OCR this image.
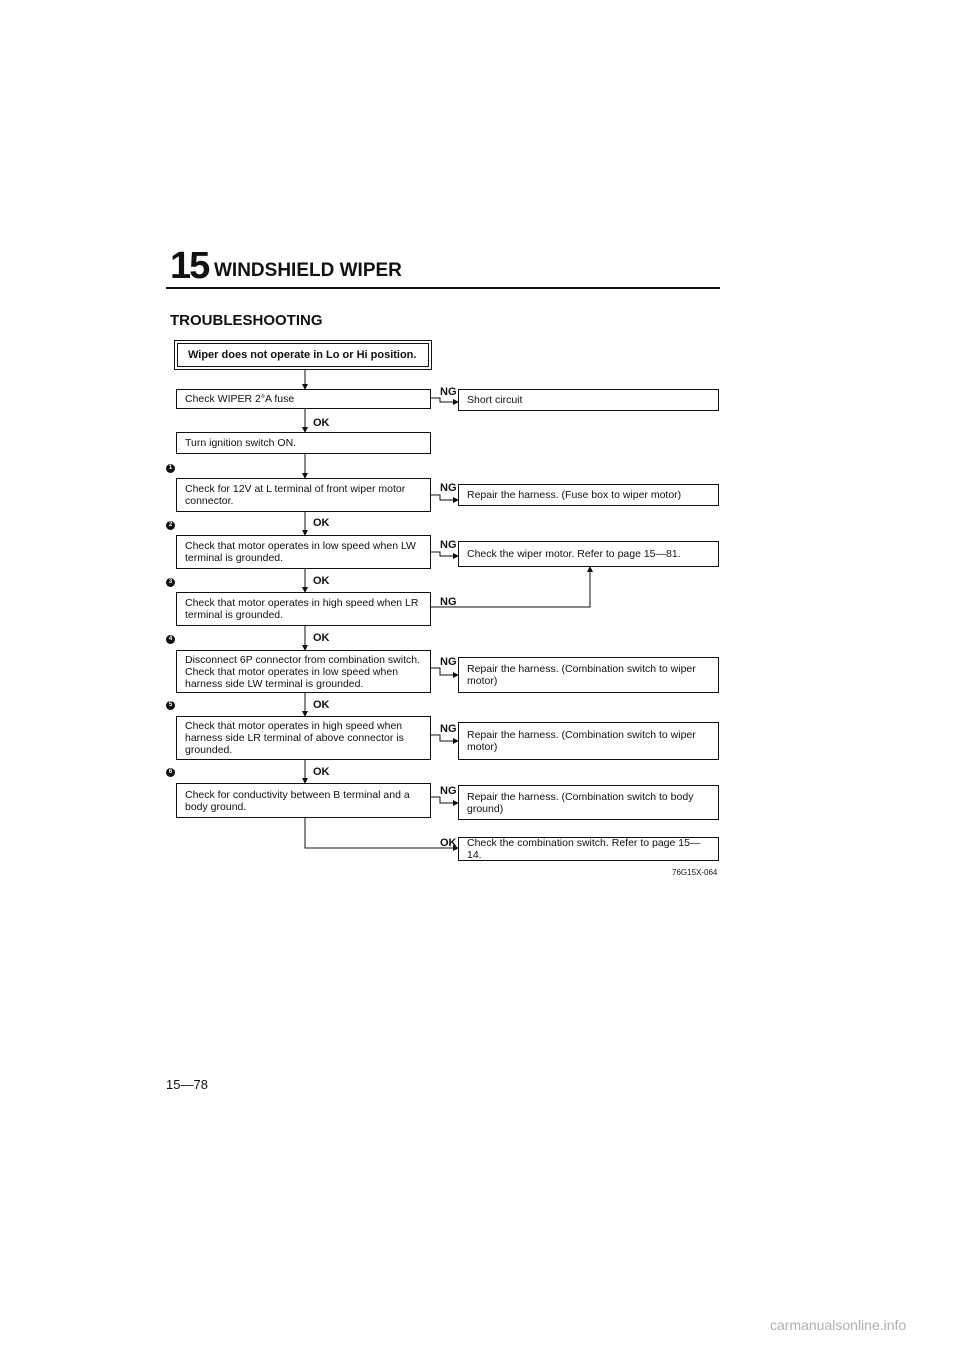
15 WINDSHIELD WIPER
TROUBLESHOOTING
Wiper does not operate in Lo or Hi position.
Check WIPER 2°A fuse
Turn ignition switch ON.
Check for 12V at L terminal of front wiper motor connector.
Check that motor operates in low speed when LW terminal is grounded.
Check that motor operates in high speed when LR terminal is grounded.
Disconnect 6P connector from combination switch. Check that motor operates in low speed when harness side LW terminal is grounded.
Check that motor operates in high speed when harness side LR terminal of above connector is grounded.
Check for conductivity between B terminal and a body ground.
1
2
3
4
5
6
Short circuit
Repair the harness. (Fuse box to wiper motor)
Check the wiper motor. Refer to page 15—81.
Repair the harness. (Combination switch to wiper motor)
Repair the harness. (Combination switch to wiper motor)
Repair the harness. (Combination switch to body ground)
Check the combination switch. Refer to page 15—14.
OK
OK
OK
OK
OK
OK
OK
NG
NG
NG
NG
NG
NG
NG
76G15X-064
15—78
carmanualsonline.info
